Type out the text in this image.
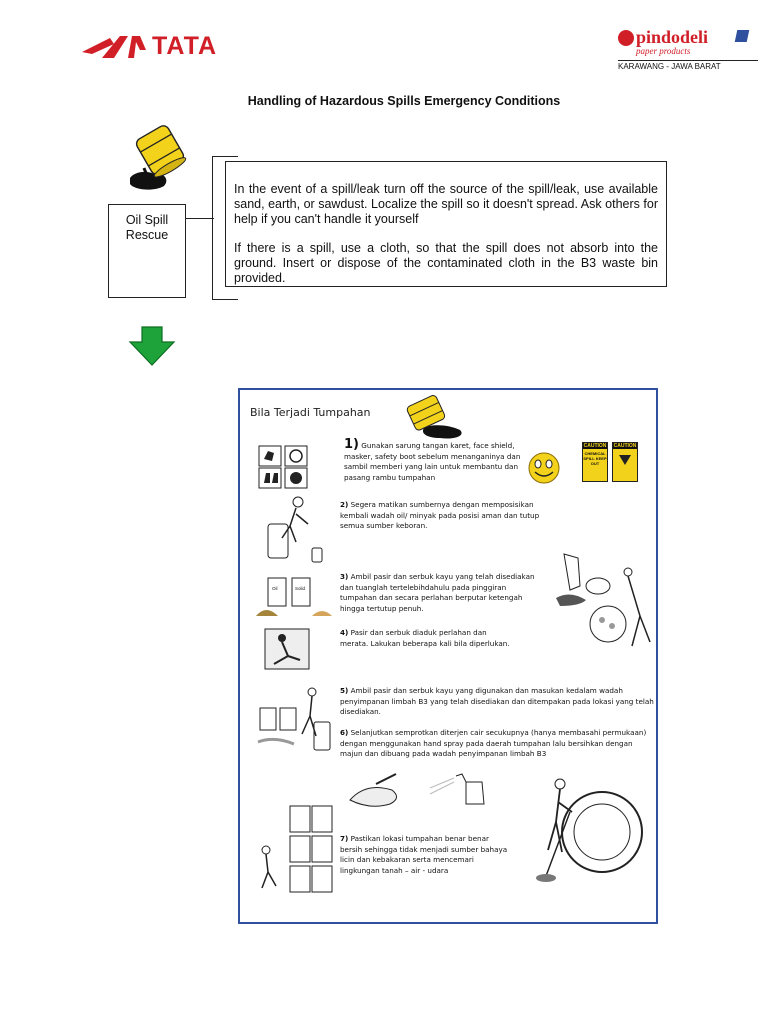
TATA	pindodeli
paper products
KARAWANG - JAWA BARAT
Handling of Hazardous Spills Emergency Conditions
Oil Spill
Rescue

In the event of a spill/leak turn off the source of the spill/leak, use available sand, earth, or sawdust. Localize the spill so it doesn't spread. Ask others for help if you can't handle it yourself

If there is a spill, use a cloth, so that the spill does not absorb into the ground. Insert or dispose of the contaminated cloth in the B3 waste bin provided.

Bila Terjadi Tumpahan
1) Gunakan sarung tangan karet, face shield, masker, safety boot sebelum menanganinya dan sambil memberi yang lain untuk membantu dan pasang rambu tumpahan
CAUTION
CHEMICAL SPILL KEEP OUT
CAUTION
2) Segera matikan sumbernya dengan memposisikan kembali wadah oil/ minyak pada posisi aman dan tutup semua sumber keboran.
Oil	Solid
3) Ambil pasir dan serbuk kayu yang telah disediakan dan tuanglah tertelebihdahulu pada pinggiran tumpahan dan secara perlahan berputar ketengah hingga tertutup penuh.
4) Pasir dan serbuk diaduk perlahan dan merata. Lakukan beberapa kali bila diperlukan.
5) Ambil pasir dan serbuk kayu yang digunakan dan masukan kedalam wadah penyimpanan limbah B3 yang telah disediakan dan ditempakan pada lokasi yang telah disediakan.
6) Selanjutkan semprotkan diterjen cair secukupnya (hanya membasahi permukaan) dengan menggunakan hand spray pada daerah tumpahan lalu bersihkan dengan majun dan dibuang pada wadah penyimpanan limbah B3
7) Pastikan lokasi tumpahan benar benar bersih sehingga tidak menjadi sumber bahaya licin dan kebakaran serta mencemari lingkungan tanah – air - udara
